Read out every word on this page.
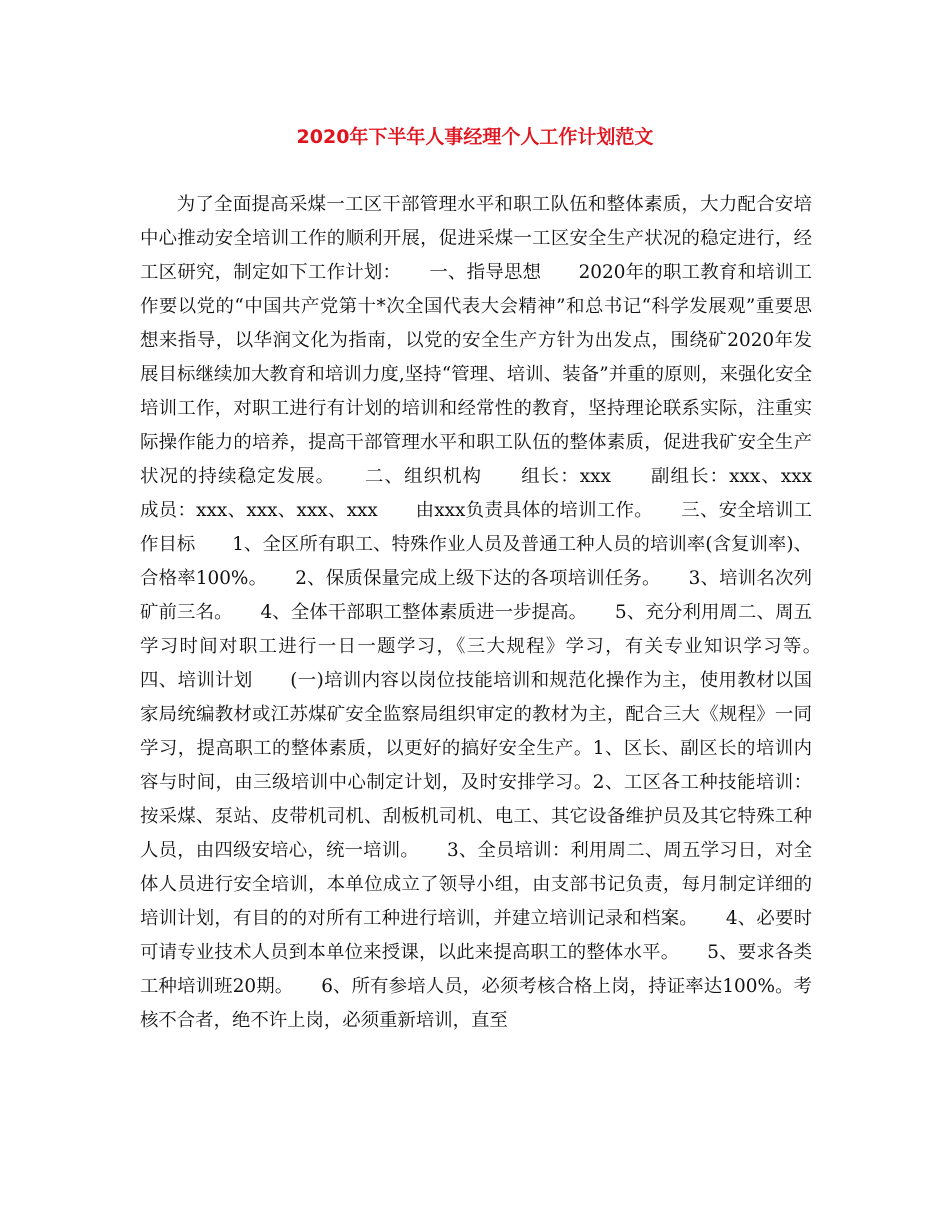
2020年下半年人事经理个人工作计划范文

为了全面提高采煤一工区干部管理水平和职工队伍和整体素质，大力配合安培中心推动安全培训工作的顺利开展，促进采煤一工区安全生产状况的稳定进行，经工区研究，制定如下工作计划：　　一、指导思想　　2020年的职工教育和培训工作要以党的“中国共产党第十*次全国代表大会精神”和总书记“科学发展观”重要思想来指导，以华润文化为指南，以党的安全生产方针为出发点，围绕矿2020年发展目标继续加大教育和培训力度,坚持“管理、培训、装备”并重的原则，来强化安全培训工作，对职工进行有计划的培训和经常性的教育，坚持理论联系实际，注重实际操作能力的培养，提高干部管理水平和职工队伍的整体素质，促进我矿安全生产状况的持续稳定发展。　　二、组织机构　　组长：xxx　　副组长：xxx、xxx　　成员：xxx、xxx、xxx、xxx　　由xxx负责具体的培训工作。　　三、安全培训工作目标　　1、全区所有职工、特殊作业人员及普通工种人员的培训率(含复训率)、合格率100%。　　2、保质保量完成上级下达的各项培训任务。　　3、培训名次列矿前三名。　　4、全体干部职工整体素质进一步提高。　　5、充分利用周二、周五学习时间对职工进行一日一题学习，《三大规程》学习，有关专业知识学习等。　　四、培训计划　　(一)培训内容以岗位技能培训和规范化操作为主，使用教材以国家局统编教材或江苏煤矿安全监察局组织审定的教材为主，配合三大《规程》一同学习，提高职工的整体素质，以更好的搞好安全生产。1、区长、副区长的培训内容与时间，由三级培训中心制定计划，及时安排学习。2、工区各工种技能培训：按采煤、泵站、皮带机司机、刮板机司机、电工、其它设备维护员及其它特殊工种人员，由四级安培心，统一培训。　　3、全员培训：利用周二、周五学习日，对全体人员进行安全培训，本单位成立了领导小组，由支部书记负责，每月制定详细的培训计划，有目的的对所有工种进行培训，并建立培训记录和档案。　　4、必要时可请专业技术人员到本单位来授课，以此来提高职工的整体水平。　　5、要求各类工种培训班20期。　　6、所有参培人员，必须考核合格上岗，持证率达100%。考核不合者，绝不许上岗，必须重新培训，直至
